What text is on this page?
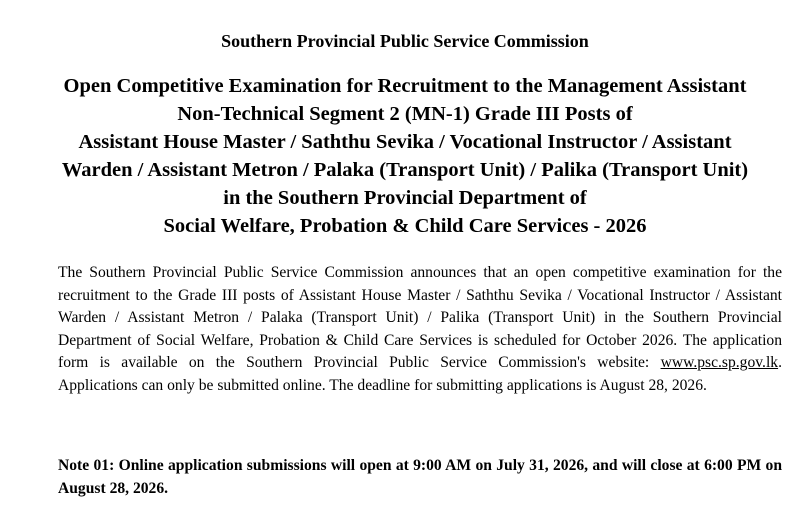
Southern Provincial Public Service Commission
Open Competitive Examination for Recruitment to the Management Assistant
Non-Technical Segment 2 (MN-1) Grade III Posts of
Assistant House Master / Saththu Sevika / Vocational Instructor / Assistant
Warden / Assistant Metron / Palaka (Transport Unit) / Palika (Transport Unit)
in the Southern Provincial Department of
Social Welfare, Probation & Child Care Services - 2026
The Southern Provincial Public Service Commission announces that an open competitive examination for the recruitment to the Grade III posts of Assistant House Master / Saththu Sevika / Vocational Instructor / Assistant Warden / Assistant Metron / Palaka (Transport Unit) / Palika (Transport Unit) in the Southern Provincial Department of Social Welfare, Probation & Child Care Services is scheduled for October 2026. The application form is available on the Southern Provincial Public Service Commission's website: www.psc.sp.gov.lk. Applications can only be submitted online. The deadline for submitting applications is August 28, 2026.
Note 01: Online application submissions will open at 9:00 AM on July 31, 2026, and will close at 6:00 PM on August 28, 2026.
